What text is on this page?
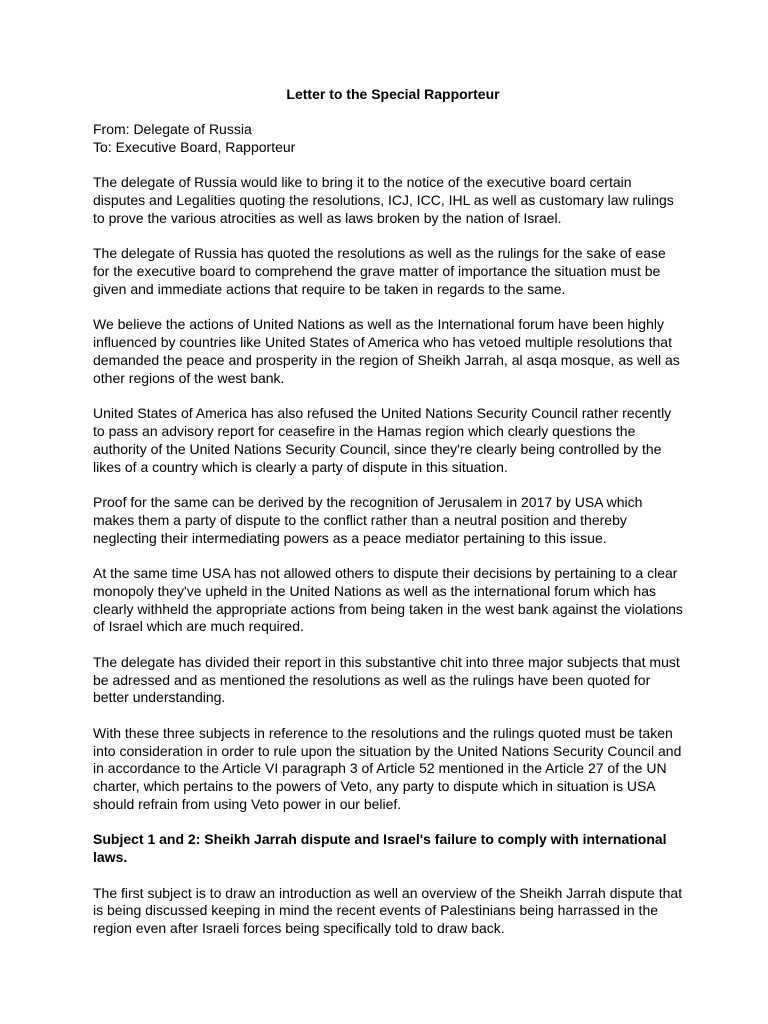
Letter to the Special Rapporteur
From: Delegate of Russia
To: Executive Board, Rapporteur

The delegate of Russia would like to bring it to the notice of the executive board certain disputes and Legalities quoting the resolutions, ICJ, ICC, IHL as well as customary law rulings to prove the various atrocities as well as laws broken by the nation of Israel.

The delegate of Russia has quoted the resolutions as well as the rulings for the sake of ease for the executive board to comprehend the grave matter of importance the situation must be given and immediate actions that require to be taken in regards to the same.

We believe the actions of United Nations as well as the International forum have been highly influenced by countries like United States of America who has vetoed multiple resolutions that demanded the peace and prosperity in the region of Sheikh Jarrah, al asqa mosque, as well as other regions of the west bank.

United States of America has also refused the United Nations Security Council rather recently to pass an advisory report for ceasefire in the Hamas region which clearly questions the authority of the United Nations Security Council, since they're clearly being controlled by the likes of a country which is clearly a party of dispute in this situation.

Proof for the same can be derived by the recognition of Jerusalem in 2017 by USA which makes them a party of dispute to the conflict rather than a neutral position and thereby neglecting their intermediating powers as a peace mediator pertaining to this issue.

At the same time USA has not allowed others to dispute their decisions by pertaining to a clear monopoly they've upheld in the United Nations as well as the international forum which has clearly withheld the appropriate actions from being taken in the west bank against the violations of Israel which are much required.

The delegate has divided their report in this substantive chit into three major subjects that must be adressed and as mentioned the resolutions as well as the rulings have been quoted for better understanding.

With these three subjects in reference to the resolutions and the rulings quoted must be taken into consideration in order to rule upon the situation by the United Nations Security Council and in accordance to the Article VI paragraph 3 of Article 52 mentioned in the Article 27 of the UN charter, which pertains to the powers of Veto, any party to dispute which in situation is USA should refrain from using Veto power in our belief.

Subject 1 and 2: Sheikh Jarrah dispute and Israel's failure to comply with international laws.

The first subject is to draw an introduction as well an overview of the Sheikh Jarrah dispute that is being discussed keeping in mind the recent events of Palestinians being harrassed in the region even after Israeli forces being specifically told to draw back.
